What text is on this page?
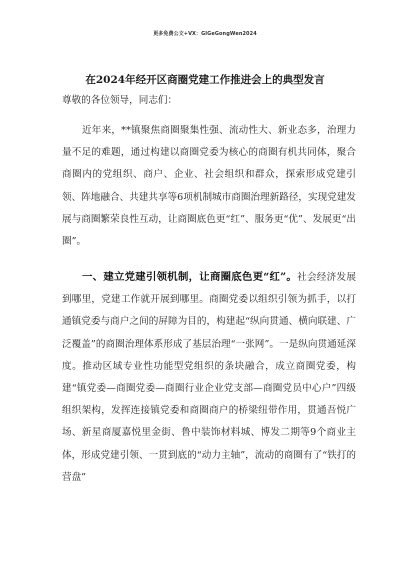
更多免费公文+VX：GlGeGongWen2024
在2024年经开区商圈党建工作推进会上的典型发言

尊敬的各位领导，同志们：

近年来，**镇聚焦商圈聚集性强、流动性大、新业态多，治理力量不足的难题，通过构建以商圈党委为核心的商圈有机共同体，聚合商圈内的党组织、商户、企业、社会组织和群众，探索形成党建引领、阵地融合、共建共享等6项机制城市商圈治理新路径，实现党建发展与商圈繁荣良性互动，让商圈底色更“红”、服务更“优”、发展更“出圈”。

一、建立党建引领机制，让商圈底色更“红”。社会经济发展到哪里，党建工作就开展到哪里。商圈党委以组织引领为抓手，以打通镇党委与商户之间的屏障为目的，构建起“纵向贯通、横向联建、广泛覆盖”的商圈治理体系形成了基层治理“一张网”。一是纵向贯通延深度。推动区域专业性功能型党组织的条块融合，成立商圈党委，构建“镇党委—商圈党委—商圈行业企业党支部—商圈党员中心户”四级组织架构，发挥连接镇党委和商圈商户的桥梁纽带作用，贯通吾悦广场、新星商厦嘉悦里金街、鲁中装饰材料城、博发二期等9个商业主体，形成党建引领、一贯到底的“动力主轴”，流动的商圈有了“铁打的营盘”
